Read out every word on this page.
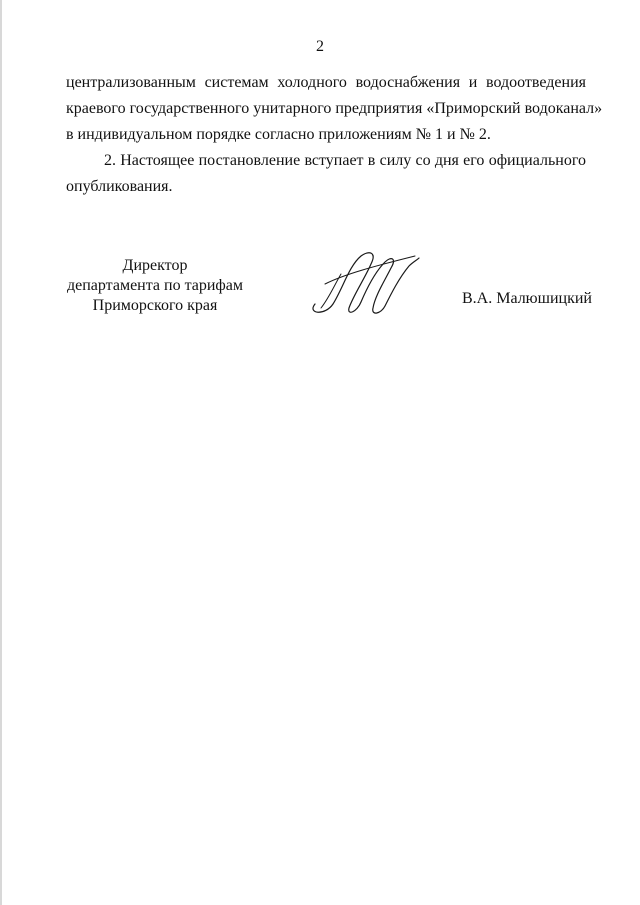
2
централизованным системам холодного водоснабжения и водоотведения
краевого государственного унитарного предприятия «Приморский водоканал»
в индивидуальном порядке согласно приложениям № 1 и № 2.
2. Настоящее постановление вступает в силу со дня его официального
опубликования.
Директор
департамента по тарифам
Приморского края	В.А. Малюшицкий
